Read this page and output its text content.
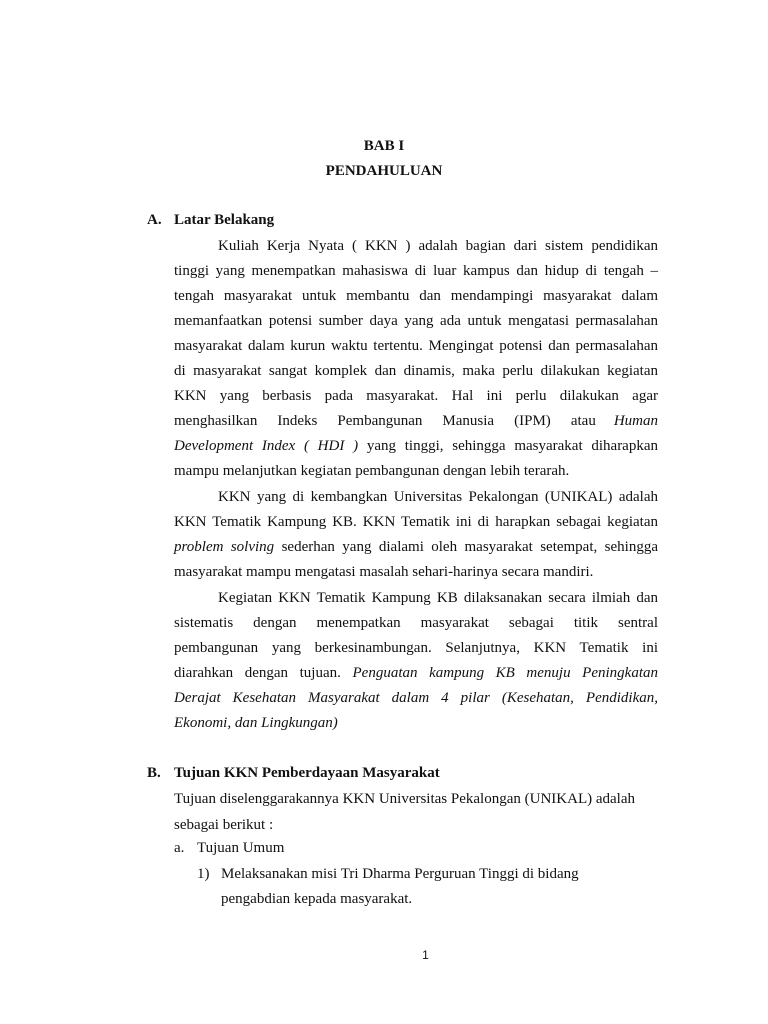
BAB I
PENDAHULUAN
A. Latar Belakang
Kuliah Kerja Nyata ( KKN ) adalah bagian dari sistem pendidikan
tinggi yang menempatkan mahasiswa di luar kampus dan hidup di tengah –
tengah masyarakat untuk membantu dan mendampingi masyarakat dalam
memanfaatkan potensi sumber daya yang ada untuk mengatasi permasalahan
masyarakat dalam kurun waktu tertentu. Mengingat potensi dan permasalahan
di masyarakat sangat komplek dan dinamis, maka perlu dilakukan kegiatan
KKN yang berbasis pada masyarakat. Hal ini perlu dilakukan agar
menghasilkan Indeks Pembangunan Manusia (IPM) atau Human
Development Index ( HDI ) yang tinggi, sehingga masyarakat diharapkan
mampu melanjutkan kegiatan pembangunan dengan lebih terarah.
KKN yang di kembangkan Universitas Pekalongan (UNIKAL) adalah
KKN Tematik Kampung KB. KKN Tematik ini di harapkan sebagai kegiatan
problem solving sederhan yang dialami oleh masyarakat setempat, sehingga
masyarakat mampu mengatasi masalah sehari-harinya secara mandiri.
Kegiatan KKN Tematik Kampung KB dilaksanakan secara ilmiah dan
sistematis dengan menempatkan masyarakat sebagai titik sentral
pembangunan yang berkesinambungan. Selanjutnya, KKN Tematik ini
diarahkan dengan tujuan. Penguatan kampung KB menuju Peningkatan
Derajat Kesehatan Masyarakat dalam 4 pilar (Kesehatan, Pendidikan,
Ekonomi, dan Lingkungan)
B. Tujuan KKN Pemberdayaan Masyarakat
Tujuan diselenggarakannya KKN Universitas Pekalongan (UNIKAL) adalah
sebagai berikut :
a. Tujuan Umum
1) Melaksanakan misi Tri Dharma Perguruan Tinggi di bidang
pengabdian kepada masyarakat.
1
